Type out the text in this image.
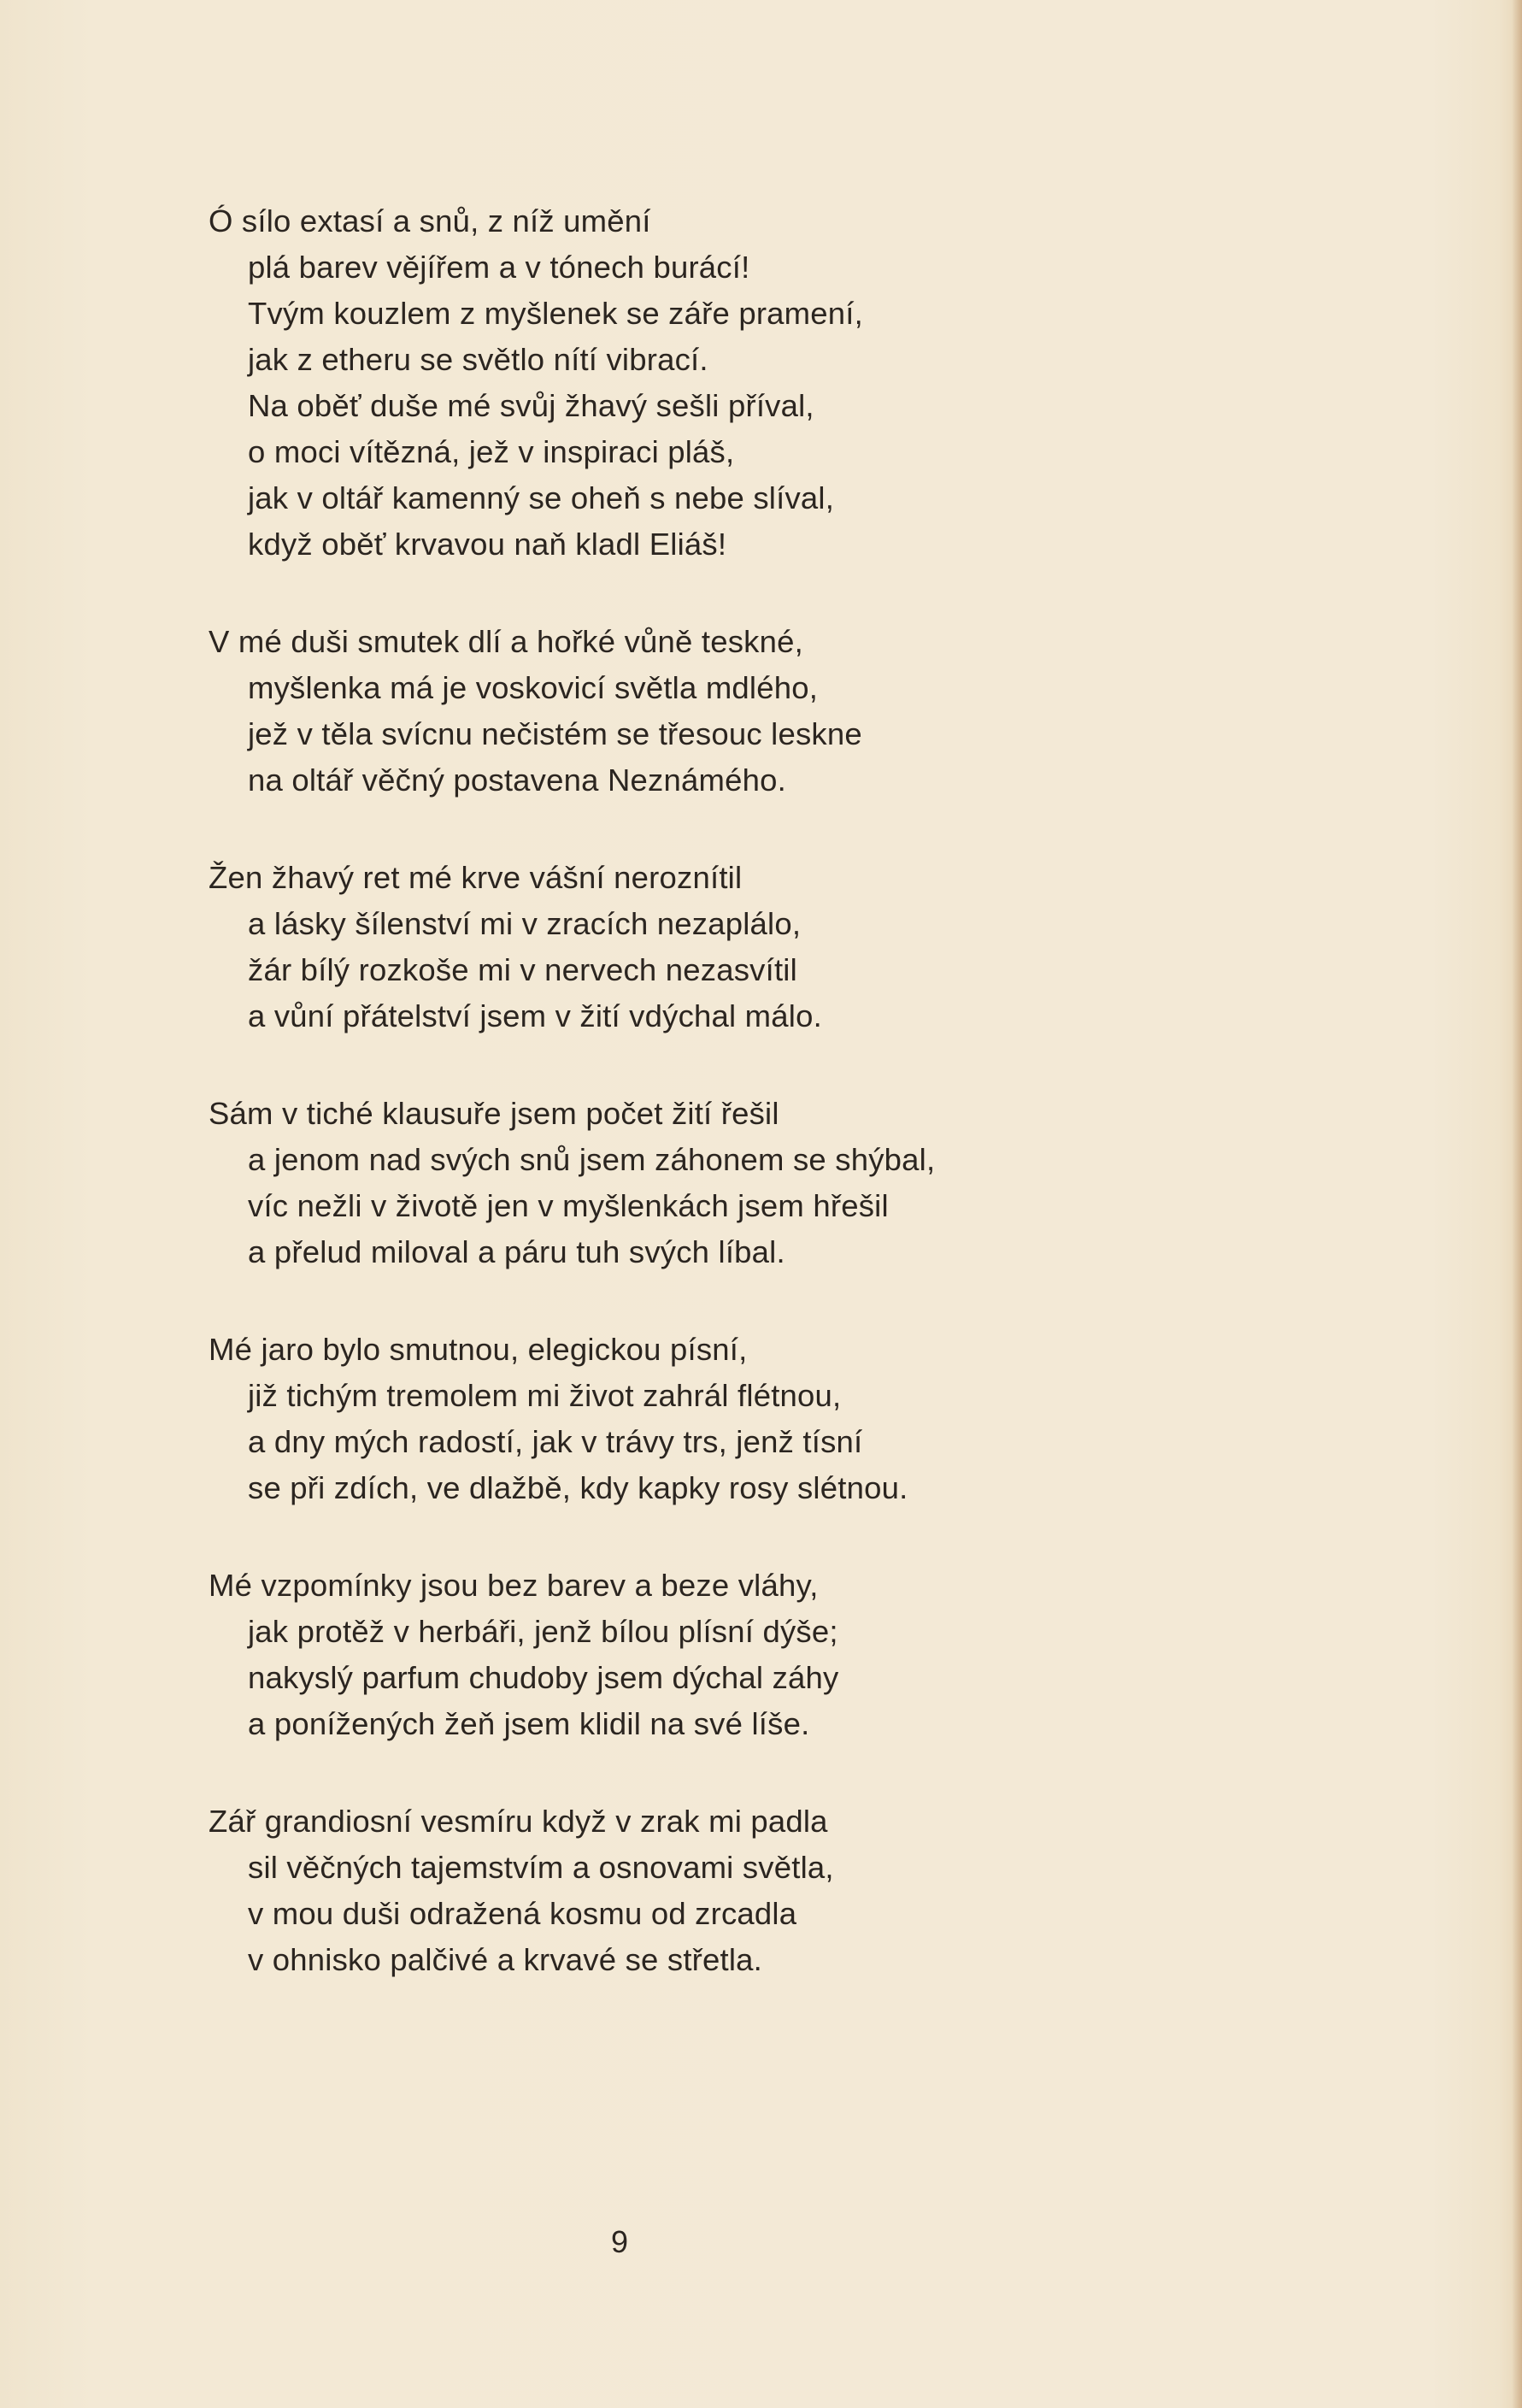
Ó sílo extasí a snů, z níž umění
plá barev vějířem a v tónech burácí!
Tvým kouzlem z myšlenek se záře pramení,
jak z etheru se světlo nítí vibrací.
Na oběť duše mé svůj žhavý sešli příval,
o moci vítězná, jež v inspiraci pláš,
jak v oltář kamenný se oheň s nebe slíval,
když oběť krvavou naň kladl Eliáš!
V mé duši smutek dlí a hořké vůně teskné,
myšlenka má je voskovicí světla mdlého,
jež v těla svícnu nečistém se třesouc leskne
na oltář věčný postavena Neznámého.
Žen žhavý ret mé krve vášní neroznítil
a lásky šílenství mi v zracích nezaplálo,
žár bílý rozkoše mi v nervech nezasvítil
a vůní přátelství jsem v žití vdýchal málo.
Sám v tiché klausuře jsem počet žití řešil
a jenom nad svých snů jsem záhonem se shýbal,
víc nežli v životě jen v myšlenkách jsem hřešil
a přelud miloval a páru tuh svých líbal.
Mé jaro bylo smutnou, elegickou písní,
již tichým tremolem mi život zahrál flétnou,
a dny mých radostí, jak v trávy trs, jenž tísní
se při zdích, ve dlažbě, kdy kapky rosy slétnou.
Mé vzpomínky jsou bez barev a beze vláhy,
jak protěž v herbáři, jenž bílou plísní dýše;
nakyslý parfum chudoby jsem dýchal záhy
a ponížených žeň jsem klidil na své líše.
Zář grandiosní vesmíru když v zrak mi padla
sil věčných tajemstvím a osnovami světla,
v mou duši odražená kosmu od zrcadla
v ohnisko palčivé a krvavé se střetla.
9
